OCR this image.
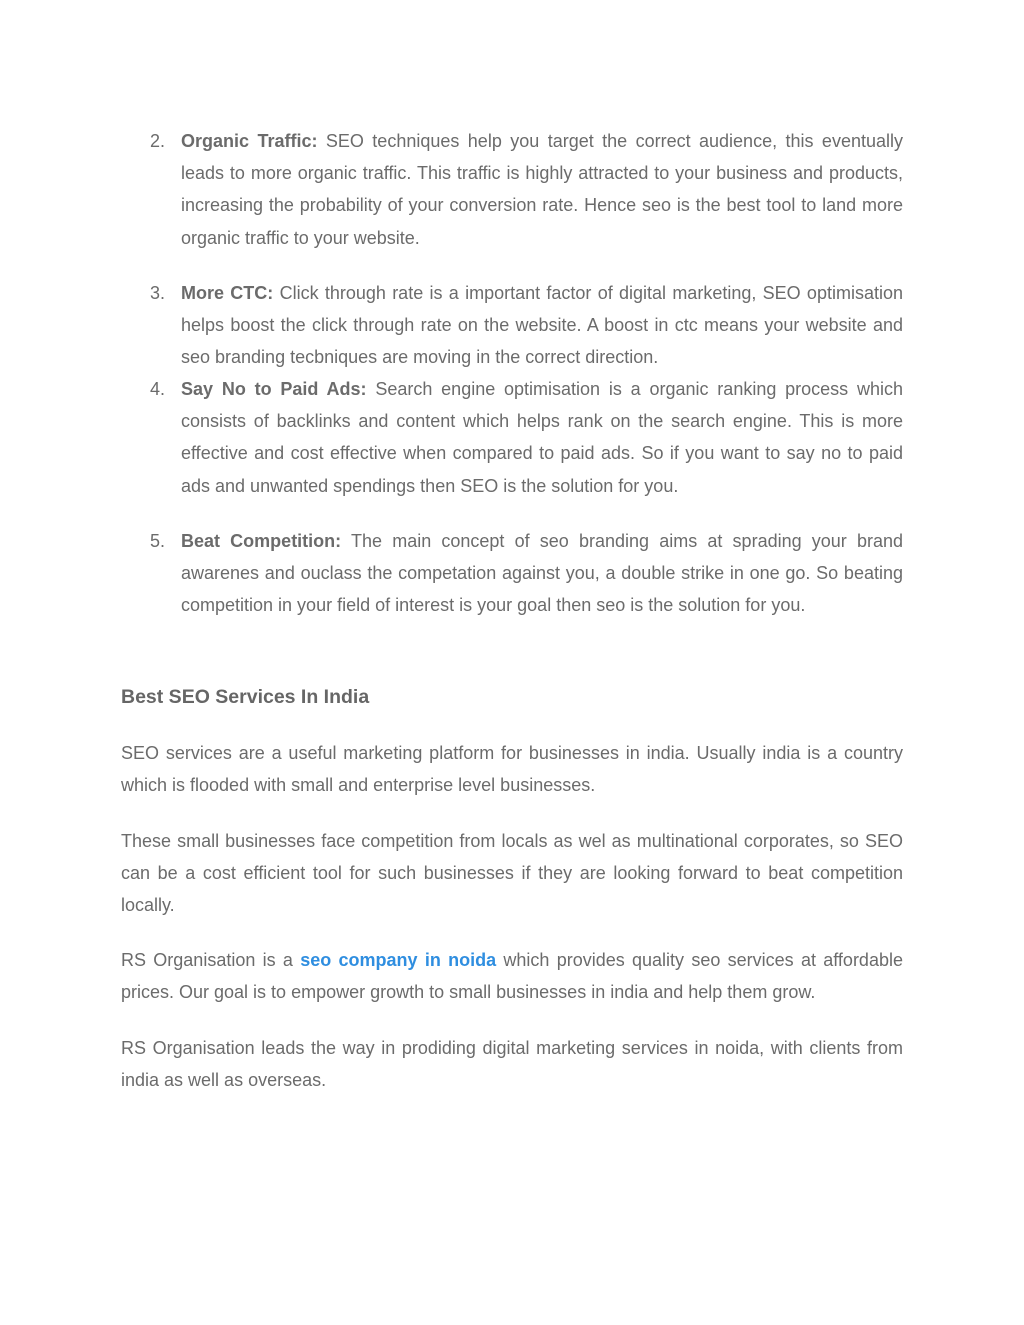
2. Organic Traffic: SEO techniques help you target the correct audience, this eventually leads to more organic traffic. This traffic is highly attracted to your business and products, increasing the probability of your conversion rate. Hence seo is the best tool to land more organic traffic to your website.
3. More CTC: Click through rate is a important factor of digital marketing, SEO optimisation helps boost the click through rate on the website. A boost in ctc means your website and seo branding tecbniques are moving in the correct direction.
4. Say No to Paid Ads: Search engine optimisation is a organic ranking process which consists of backlinks and content which helps rank on the search engine. This is more effective and cost effective when compared to paid ads. So if you want to say no to paid ads and unwanted spendings then SEO is the solution for you.
5. Beat Competition: The main concept of seo branding aims at sprading your brand awarenes and ouclass the competation against you, a double strike in one go. So beating competition in your field of interest is your goal then seo is the solution for you.
Best SEO Services In India

SEO services are a useful marketing platform for businesses in india. Usually india is a country which is flooded with small and enterprise level businesses.

These small businesses face competition from locals as wel as multinational corporates, so SEO can be a cost efficient tool for such businesses if they are looking forward to beat competition locally.

RS Organisation is a seo company in noida which provides quality seo services at affordable prices. Our goal is to empower growth to small businesses in india and help them grow.

RS Organisation leads the way in prodiding digital marketing services in noida, with clients from india as well as overseas.
